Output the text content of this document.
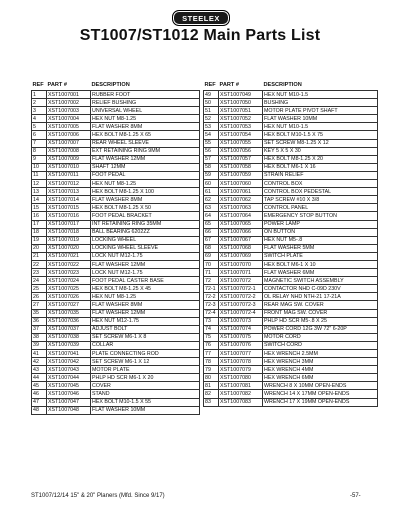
STEELEX
ST1007/ST1012 Main Parts List
REF	PART #	DESCRIPTION
1	XST1007001	RUBBER FOOT
2	XST1007002	RELIEF BUSHING
3	XST1007003	UNIVERSAL WHEEL
4	XST1007004	HEX NUT M8-1.25
5	XST1007005	FLAT WASHER 8MM
6	XST1007006	HEX BOLT M8-1.25 X 65
7	XST1007007	REAR WHEEL SLEEVE
8	XST1007008	EXT RETAINING RING 9MM
9	XST1007009	FLAT WASHER 12MM
10	XST1007010	SHAFT 12MM
11	XST1007011	FOOT PEDAL
12	XST1007012	HEX NUT M8-1.25
13	XST1007013	HEX BOLT M8-1.25 X 100
14	XST1007014	FLAT WASHER 8MM
15	XST1007015	HEX BOLT M8-1.25 X 50
16	XST1007016	FOOT PEDAL BRACKET
17	XST1007017	INT RETAINING RING 35MM
18	XST1007018	BALL BEARING 6202ZZ
19	XST1007019	LOCKING WHEEL
20	XST1007020	LOCKING WHEEL SLEEVE
21	XST1007021	LOCK NUT M12-1.75
22	XST1007022	FLAT WASHER 12MM
23	XST1007023	LOCK NUT M12-1.75
24	XST1007024	FOOT PEDAL CASTER BASE
25	XST1007025	HEX BOLT M8-1.25 X 45
26	XST1007026	HEX NUT M8-1.25
27	XST1007027	FLAT WASHER 8MM
35	XST1007035	FLAT WASHER 12MM
36	XST1007036	HEX NUT M12-1.75
37	XST1007037	ADJUST BOLT
38	XST1007038	SET SCREW M6-1 X 8
39	XST1007039	COLLAR
41	XST1007041	PLATE CONNECTING ROD
42	XST1007042	SET SCREW M6-1 X 12
43	XST1007043	MOTOR PLATE
44	XST1007044	PHLP HD SCR M6-1 X 20
45	XST1007045	COVER
46	XST1007046	STAND
47	XST1007047	HEX BOLT M10-1.5 X 55
48	XST1007048	FLAT WASHER 10MM
REF	PART #	DESCRIPTION
49	XST1007049	HEX NUT M10-1.5
50	XST1007050	BUSHING
51	XST1007051	MOTOR PLATE PIVOT SHAFT
52	XST1007052	FLAT WASHER 10MM
53	XST1007053	HEX NUT M10-1.5
54	XST1007054	HEX BOLT M10-1.5 X 75
55	XST1007055	SET SCREW M8-1.25 X 12
56	XST1007056	KEY 5 X 5 X 30
57	XST1007057	HEX BOLT M8-1.25 X 20
58	XST1007058	HEX BOLT M6-1 X 16
59	XST1007059	STRAIN RELIEF
60	XST1007060	CONTROL BOX
61	XST1007061	CONTROL BOX PEDESTAL
62	XST1007062	TAP SCREW #10 X 3/8
63	XST1007063	CONTROL PANEL
64	XST1007064	EMERGENCY STOP BUTTON
65	XST1007065	POWER LAMP
66	XST1007066	ON BUTTON
67	XST1007067	HEX NUT M5-.8
68	XST1007068	FLAT WASHER 5MM
69	XST1007069	SWITCH PLATE
70	XST1007070	HEX BOLT M6-1 X 10
71	XST1007071	FLAT WASHER 6MM
72	XST1007072	MAGNETIC SWITCH ASSEMBLY
72-1	XST1007072-1	CONTACTOR NHD C-09D 230V
72-2	XST1007072-2	OL RELAY NHD NTH-21 17-21A
72-3	XST1007072-3	REAR MAG SW. COVER
72-4	XST1007072-4	FRONT MAG SW. COVER
73	XST1007073	PHLP HD SCR M5-.8 X 25
74	XST1007074	POWER CORD 12G 3W 72" 6-20P
75	XST1007075	MOTOR CORD
76	XST1007076	SWITCH CORD
77	XST1007077	HEX WRENCH 2.5MM
78	XST1007078	HEX WRENCH 3MM
79	XST1007079	HEX WRENCH 4MM
80	XST1007080	HEX WRENCH 6MM
81	XST1007081	WRENCH 8 X 10MM OPEN-ENDS
82	XST1007082	WRENCH 14 X 17MM OPEN-ENDS
83	XST1007083	WRENCH 17 X 19MM OPEN-ENDS
ST1007/12/14 15" & 20" Planers (Mfd. Since 9/17)	-57-
